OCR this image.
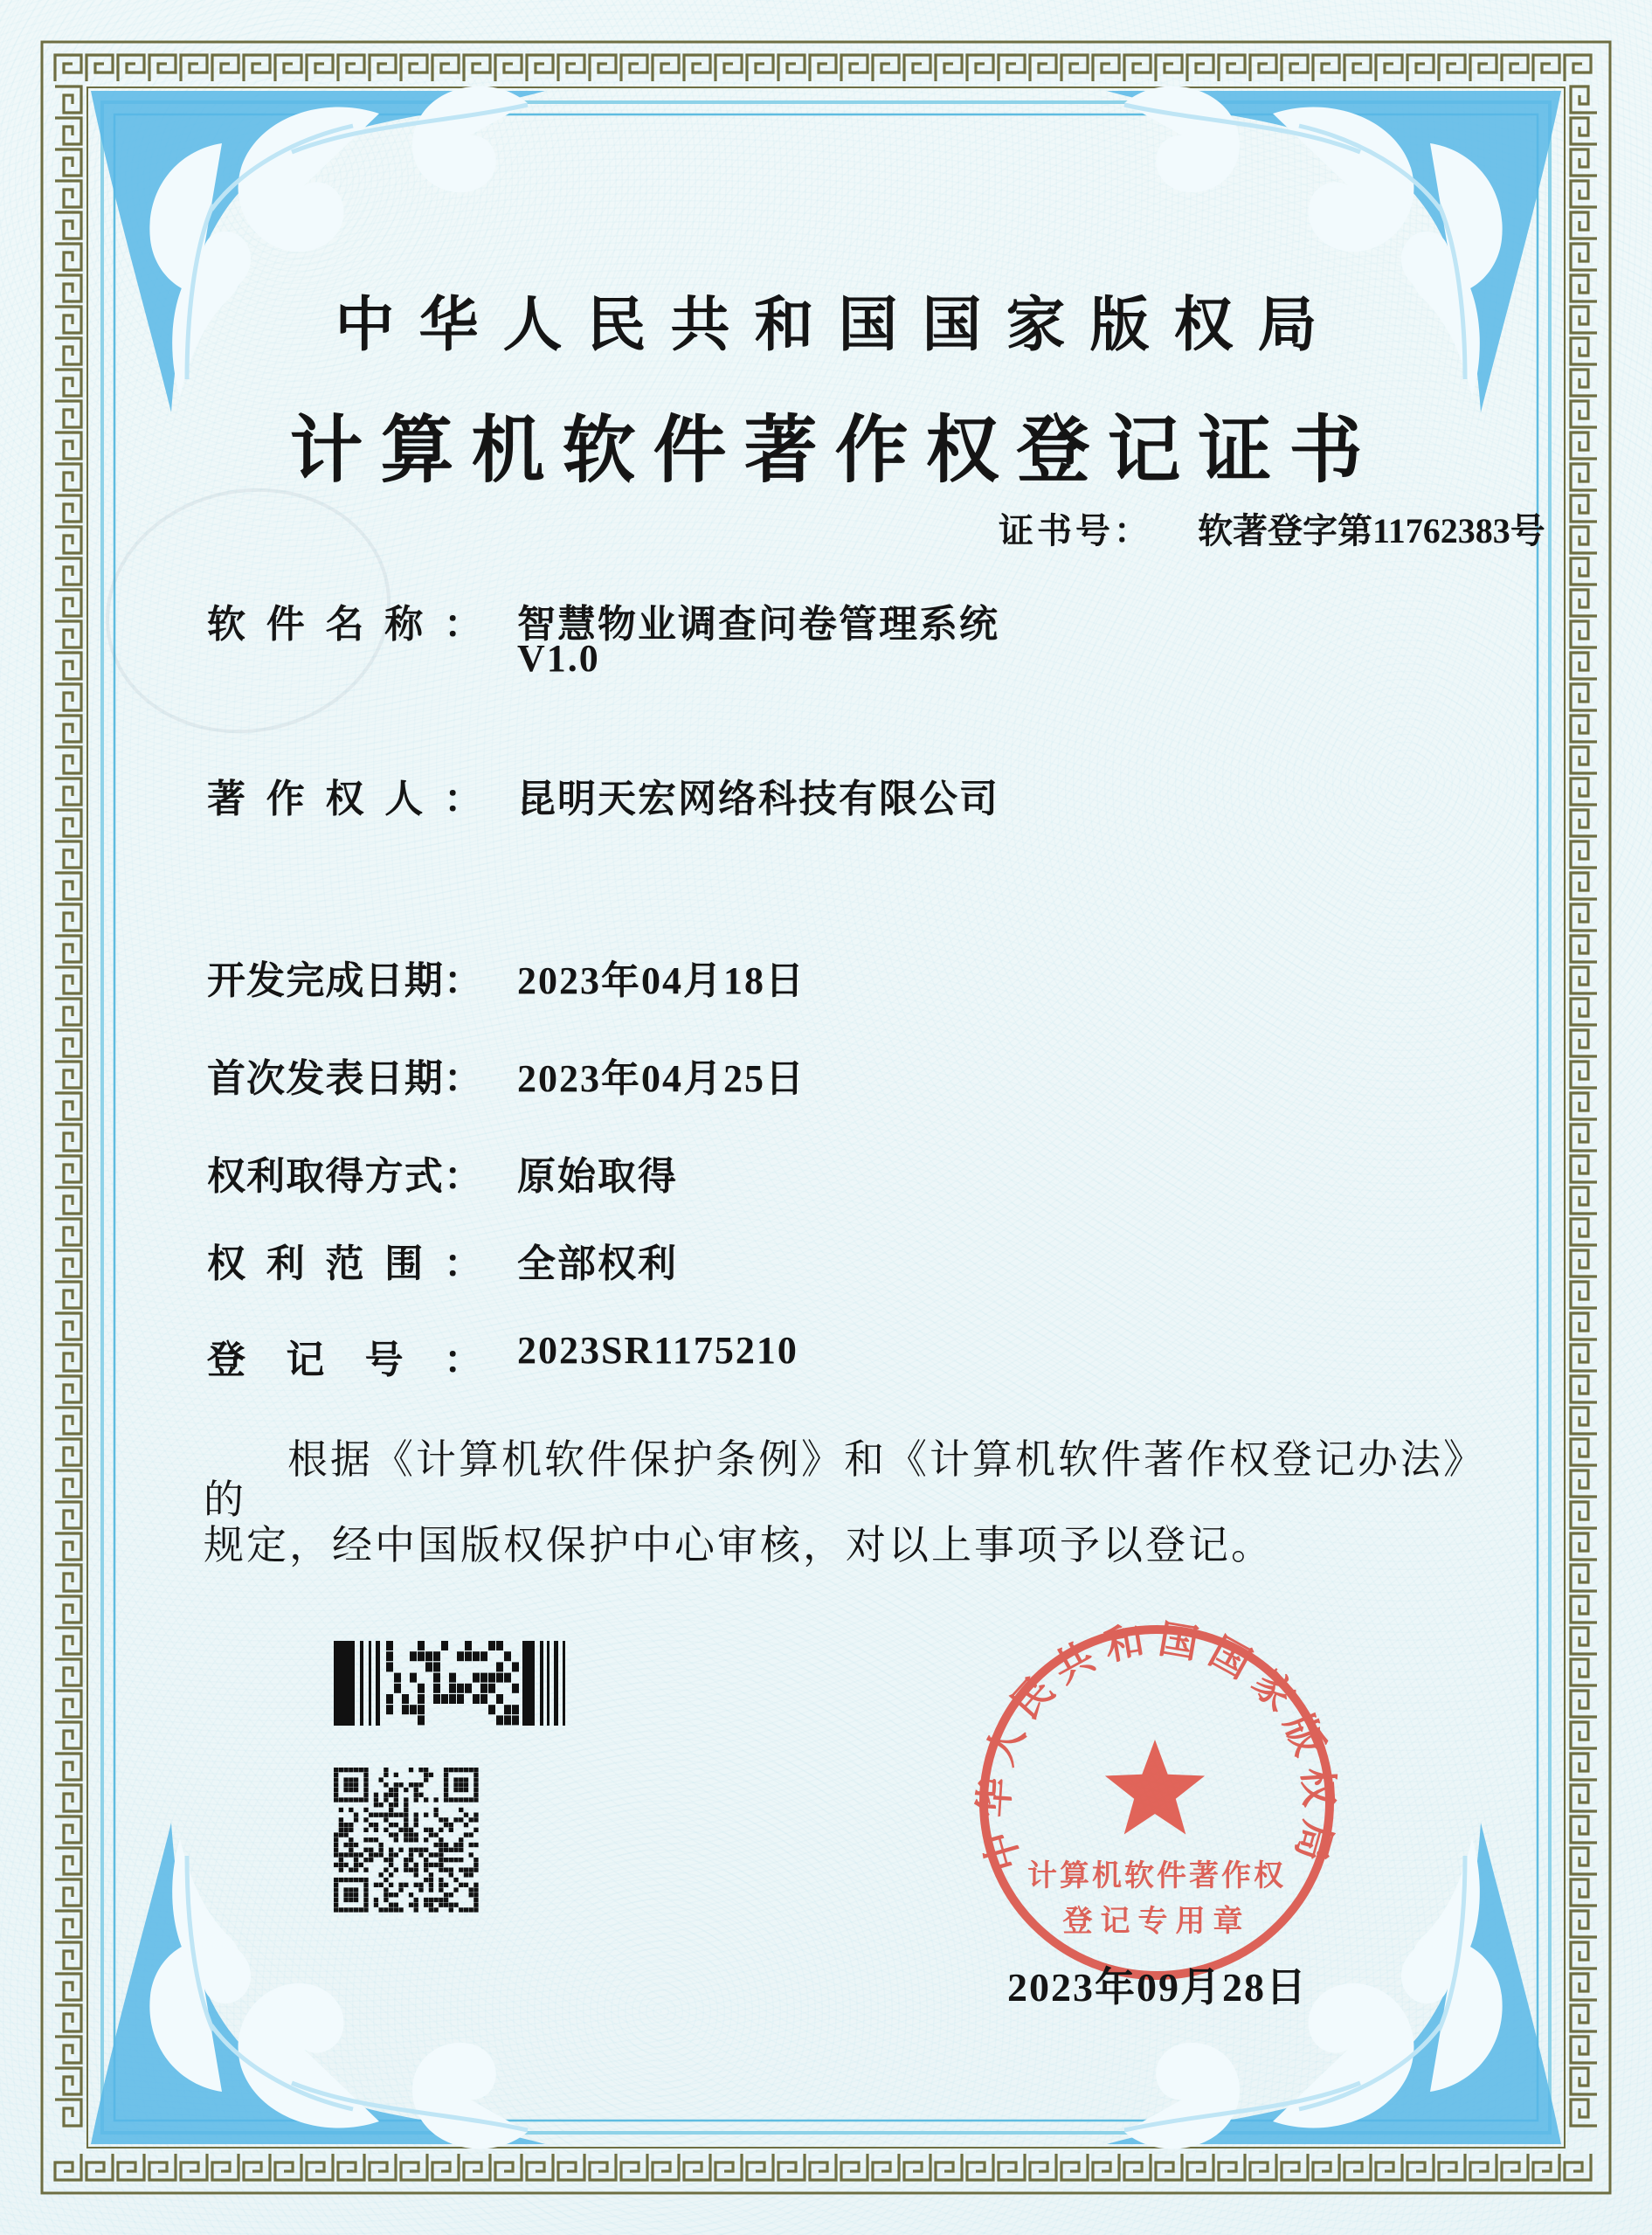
中华人民共和国国家版权局
计算机软件著作权登记证书
证书号： 软著登字第11762383号
软件名称： 智慧物业调查问卷管理系统
V1.0
著作权人： 昆明天宏网络科技有限公司
开发完成日期： 2023年04月18日
首次发表日期： 2023年04月25日
权利取得方式： 原始取得
权利范围： 全部权利
登记号： 2023SR1175210
根据《计算机软件保护条例》和《计算机软件著作权登记办法》的
规定，经中国版权保护中心审核，对以上事项予以登记。
中华人民共和国国家版权局
计算机软件著作权
登记专用章
2023年09月28日
